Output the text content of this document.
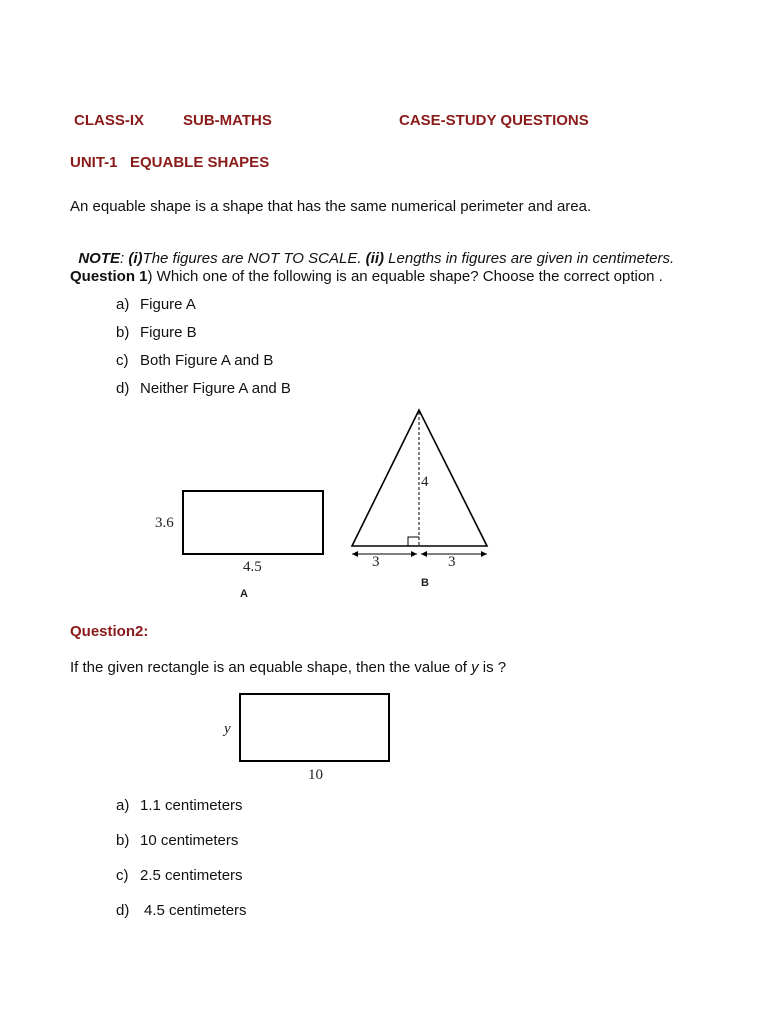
CLASS-IX	SUB-MATHS	CASE-STUDY QUESTIONS
UNIT-1   EQUABLE SHAPES
An equable shape is a shape that has the same numerical perimeter and area.

NOTE: (i)The figures are NOT TO SCALE. (ii) Lengths in figures are given in centimeters.

Question 1) Which one of the following is an equable shape? Choose the correct option .
a) Figure A
b) Figure B
c) Both Figure A and B
d) Neither Figure A and B
3.6
4.5
A
4
3	3
B
Question2:
If the given rectangle is an equable shape, then the value of y is ?
y
10
a) 1.1 centimeters
b) 10 centimeters
c) 2.5 centimeters
d) 4.5 centimeters
